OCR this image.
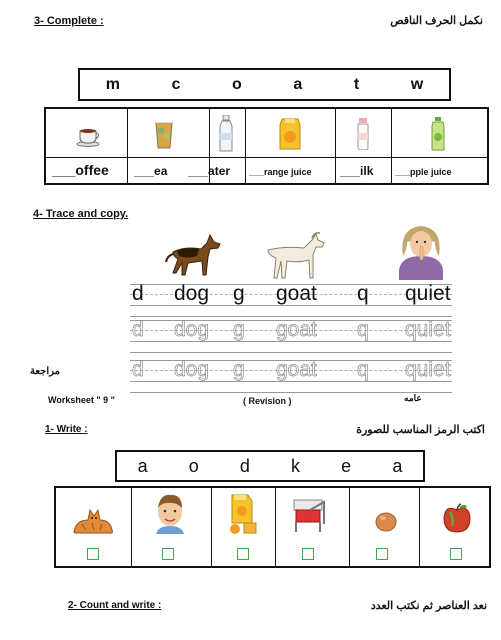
3- Complete :	نكمل الحرف الناقص
m	c	o	a	t	w
___offee ___ea ___ater ___range juice ___ilk ___pple juice
4- Trace and copy.
d dog g goat q quiet
d dog g goat q quiet
d dog g goat q quiet
مراجعة
Worksheet " 9 "	( Revision )	عامه
1- Write :	اكتب الرمز المناسب للصورة
a o d k e a
2- Count and write :	نعد العناصر ثم نكتب العدد
